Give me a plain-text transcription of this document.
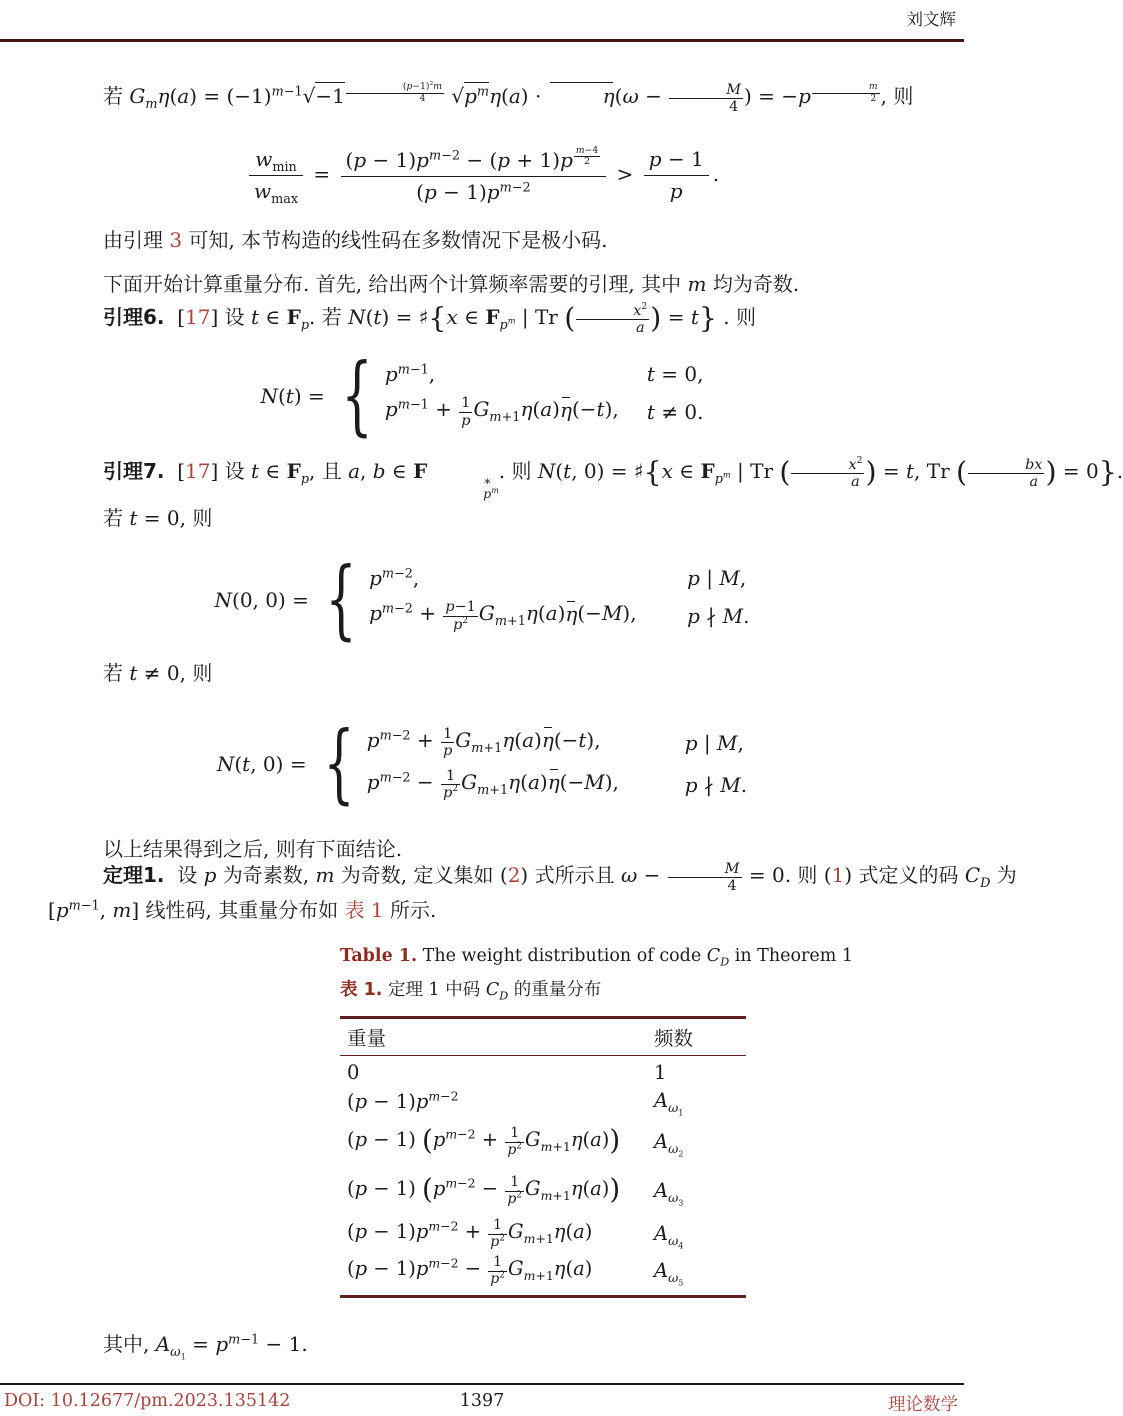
刘文辉
若 $G_m\eta(a) = (-1)^{m-1}√-1$ $^{\frac{(p-1)^2m}{4}}$ $√p^m\eta(a)$ ·	$\eta(\omega - \frac{M}{4}$ ) = −p $^{\frac{m}{2}}$ , 则
$w_{min}$
$w_{max}$
= $(p - 1)p^{m-2} - (p + 1)p$ $^{\frac{m-4}{2}}$
$(p - 1)p^{m-2} > \frac{p - 1}{p}$ .
由引理 3 可知, 本节构造的线性码在多数情况下是极小码.
下面开始计算重量分布. 首先, 给出两个计算频率需要的引理, 其中 m 均为奇数.
引理6.  [17] 设 t ∈ $F_p$. 若 N(t) = ♯{x ∈ $F_{p^m}$ | Tr ( $\frac{x^2}{a}$ ) = t} . 则
N(t) = { $p^{m-1}$,	t = 0,
$p^{m-1} + \frac{1}{p} G_{m+1}\eta(a)\eta(-t)$,	t ≠ 0.
引理7.  [17] 设 t ∈ $F_p$, 且 a, b ∈ F	∗
$p^m$
. 则 N(t, 0) = ♯{x ∈ $F_{p^m}$ | Tr ( $\frac{x^2}{a}$ ) = t, Tr ( $\frac{bx}{a}$ ) = 0}.
若 t = 0, 则
N(0, 0) = { $p^{m-2}$,	p | M,
$p^{m-2} + \frac{p-1}{p^2} G_{m+1}\eta(a)\eta(-M)$,	p ∤ M.
若 t ≠ 0, 则
N(t, 0) = { $p^{m-2} + \frac{1}{p} G_{m+1}\eta(a)\eta(-t)$,	p | M,
$p^{m-2} - \frac{1}{p^2} G_{m+1}\eta(a)\eta(-M)$,	p ∤ M.
以上结果得到之后, 则有下面结论.
定理1.  设 p 为奇素数, m 为奇数, 定义集如 (2) 式所示且 $\omega - \frac{M}{4} = 0$. 则 (1) 式定义的码 $C_D$ 为
[$p^{m-1}$, m] 线性码, 其重量分布如 表 1 所示.
Table 1. The weight distribution of code $C_D$ in Theorem 1
表 1. 定理 1 中码 $C_D$ 的重量分布
重量	频数
0	1
$(p - 1)p^{m-2}$	$A_{\omega_1}$
(p − 1) $(p^{m-2} + \frac{1}{p^2} G_{m+1}\eta(a))$	$A_{\omega_2}$
(p − 1) $(p^{m-2} - \frac{1}{p^2} G_{m+1}\eta(a))$	$A_{\omega_3}$
$(p - 1)p^{m-2} + \frac{1}{p^2} G_{m+1}\eta(a)$	$A_{\omega_4}$
$(p - 1)p^{m-2} - \frac{1}{p^2} G_{m+1}\eta(a)$	$A_{\omega_5}$
其中, $A_{\omega_1} = p^{m-1} - 1$.
1397
DOI: 10.12677/pm.2023.135142	理论数学
